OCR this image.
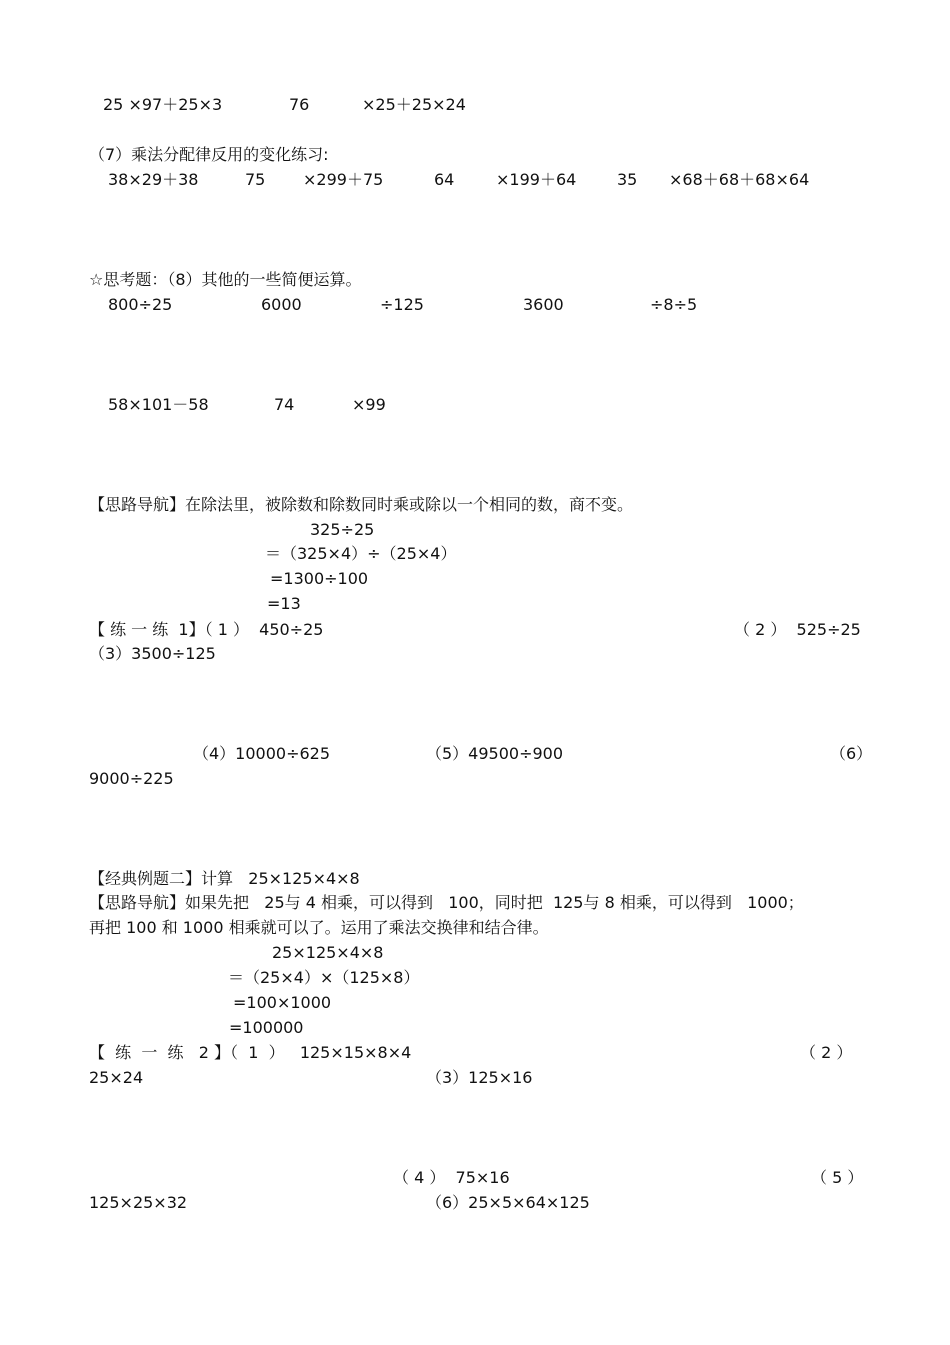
25 ×97＋25×3	76	×25＋25×24
（7）乘法分配律反用的变化练习:
38×29＋38	75 ×299＋75	64	×199＋64	35 ×68＋68＋68×64
☆思考题：（8）其他的一些简便运算。
800÷25	6000	÷125	3600	÷8÷5
58×101－58	74	×99
【思路导航】在除法里，被除数和除数同时乘或除以一个相同的数，商不变。
325÷25
＝（325×4）÷（25×4）
=1300÷100
=13
【 练 一 练  1】（ 1 ）  450÷25	（ 2 ）  525÷25
（3）3500÷125
（4）10000÷625	（5）49500÷900	（6）
9000÷225
【经典例题二】计算   25×125×4×8
【思路导航】如果先把   25与 4 相乘，可以得到   100，同时把  125与 8 相乘，可以得到   1000；
再把 100 和 1000 相乘就可以了。运用了乘法交换律和结合律。
25×125×4×8
＝（25×4）×（125×8）
=100×1000
=100000
【  练  一  练   2 】（  1  ）   125×15×8×4	（ 2 ）
25×24	（3）125×16
（ 4 ）  75×16	（ 5 ）
125×25×32	（6）25×5×64×125
